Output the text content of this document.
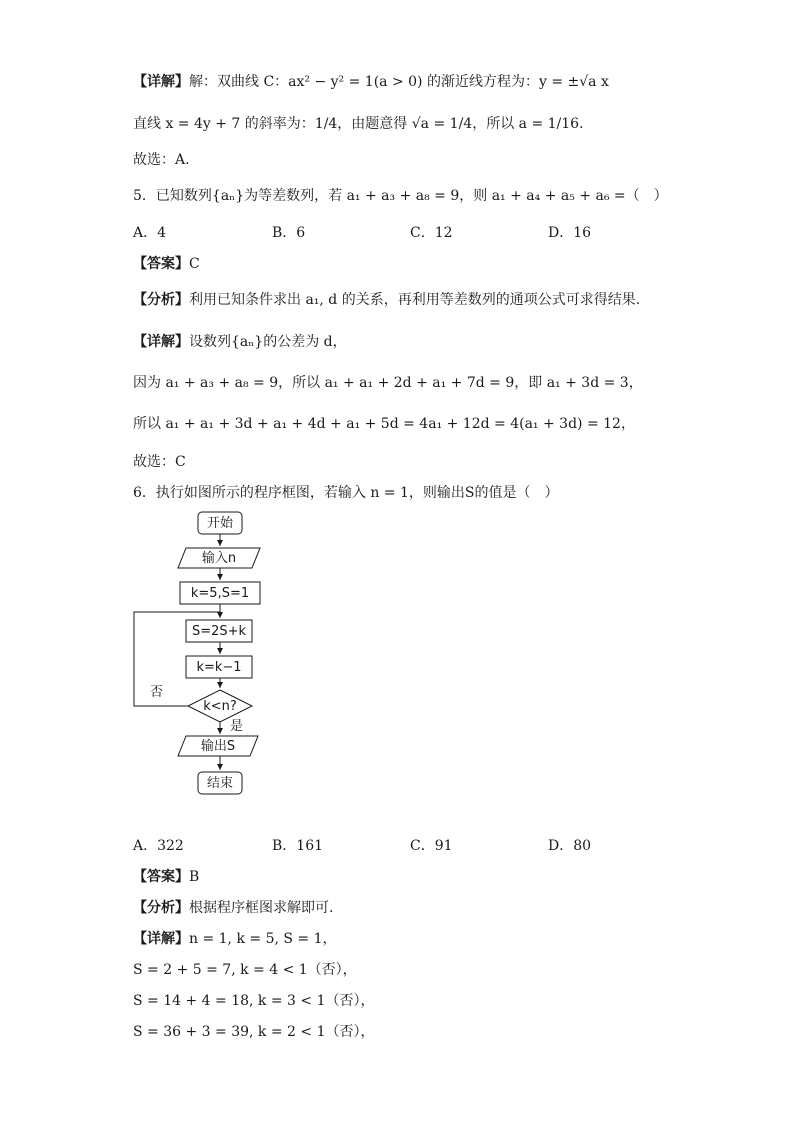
【详解】解：双曲线 C：ax² − y² = 1(a > 0) 的渐近线方程为：y = ±√a x
直线 x = 4y + 7 的斜率为：1/4，由题意得 √a = 1/4，所以 a = 1/16.
故选：A.
5．已知数列{aₙ}为等差数列，若 a₁ + a₃ + a₈ = 9，则 a₁ + a₄ + a₅ + a₆ =（　）
A．4	B．6	C．12	D．16
【答案】C
【分析】利用已知条件求出 a₁, d 的关系，再利用等差数列的通项公式可求得结果.
【详解】设数列{aₙ}的公差为 d，
因为 a₁ + a₃ + a₈ = 9，所以 a₁ + a₁ + 2d + a₁ + 7d = 9，即 a₁ + 3d = 3，
所以 a₁ + a₁ + 3d + a₁ + 4d + a₁ + 5d = 4a₁ + 12d = 4(a₁ + 3d) = 12，
故选：C
6．执行如图所示的程序框图，若输入 n = 1，则输出S的值是（　）
开始
输入n
k=5,S=1
S=2S+k
k=k−1
k<n?
否
是
输出S
结束
A．322	B．161	C．91	D．80
【答案】B
【分析】根据程序框图求解即可.
【详解】n = 1, k = 5, S = 1，
S = 2 + 5 = 7, k = 4 < 1（否），
S = 14 + 4 = 18, k = 3 < 1（否），
S = 36 + 3 = 39, k = 2 < 1（否），
